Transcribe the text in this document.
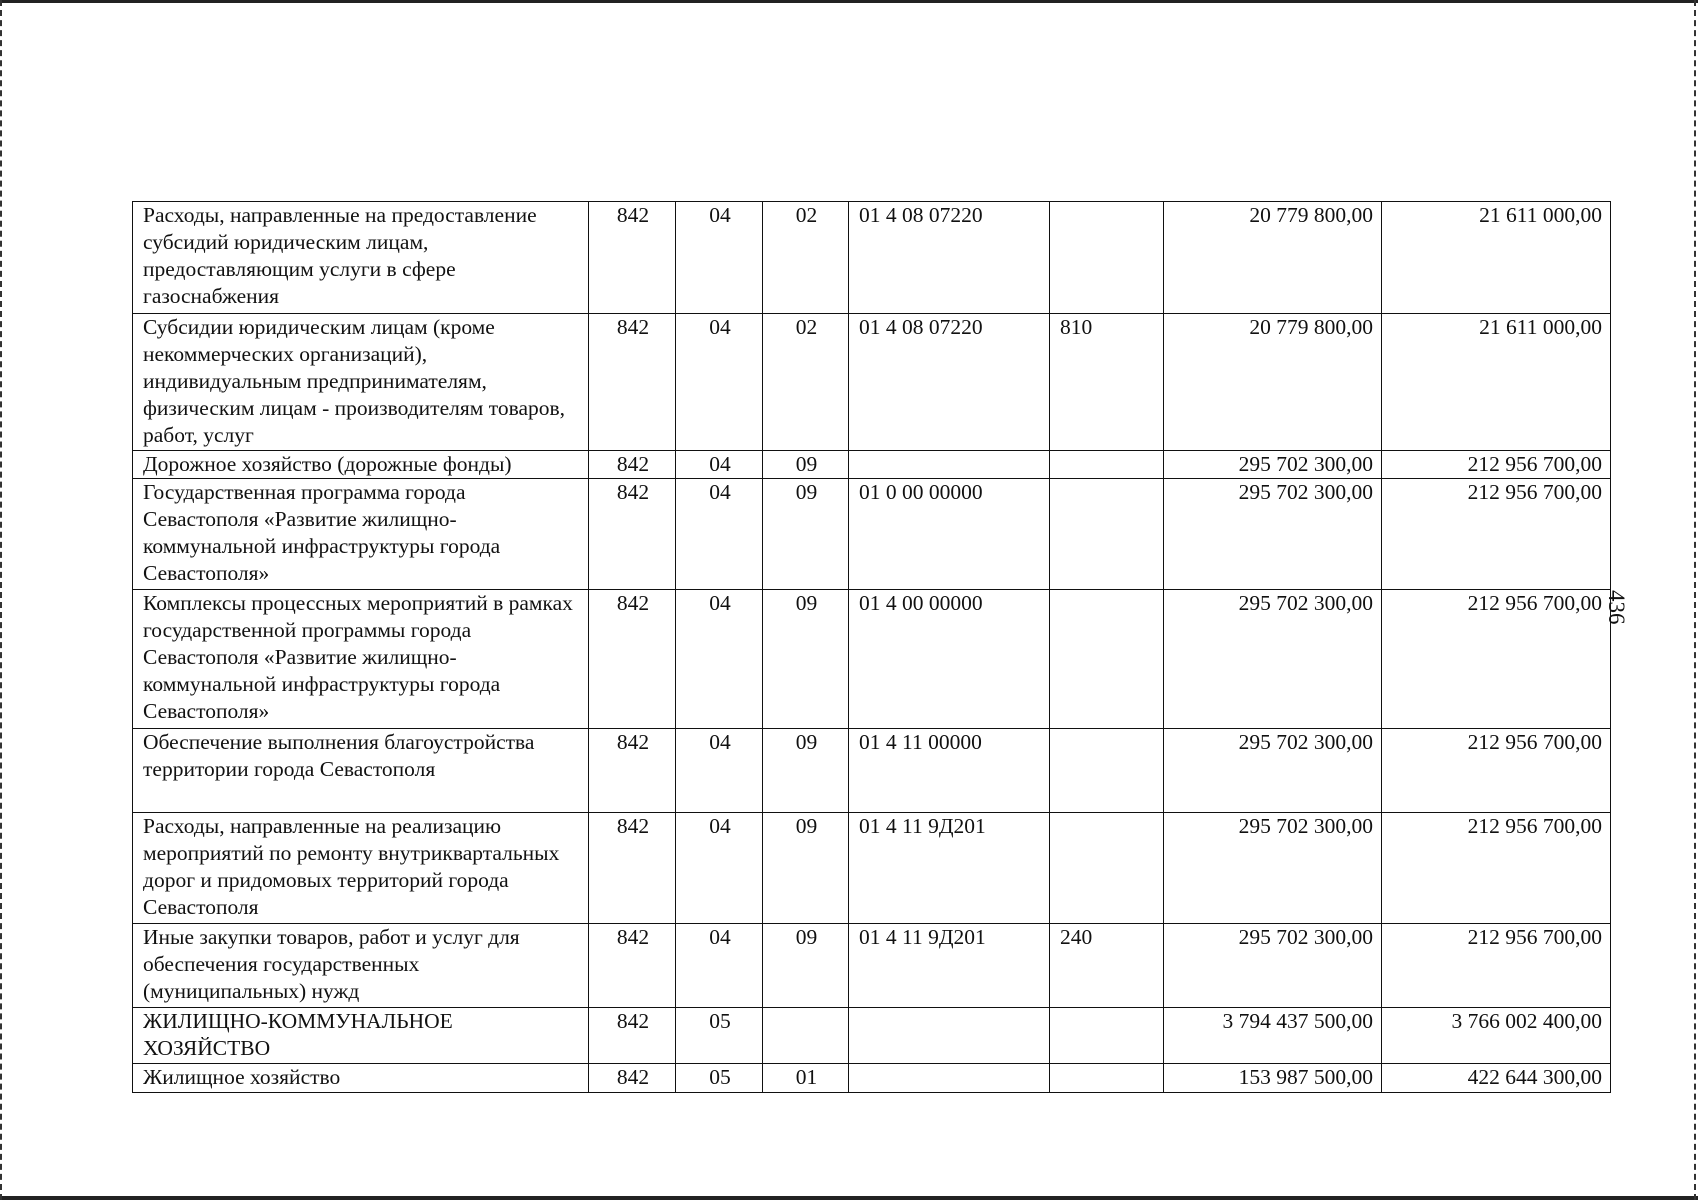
436
Расходы, направленные на предоставление субсидий юридическим лицам, предоставляющим услуги в сфере газоснабжения	842	04	02	01 4 08 07220		20 779 800,00	21 611 000,00
Субсидии юридическим лицам (кроме некоммерческих организаций), индивидуальным предпринимателям, физическим лицам - производителям товаров, работ, услуг	842	04	02	01 4 08 07220	810	20 779 800,00	21 611 000,00
Дорожное хозяйство (дорожные фонды)	842	04	09			295 702 300,00	212 956 700,00
Государственная программа города Севастополя «Развитие жилищно-коммунальной инфраструктуры города Севастополя»	842	04	09	01 0 00 00000		295 702 300,00	212 956 700,00
Комплексы процессных мероприятий в рамках государственной программы города Севастополя «Развитие жилищно-коммунальной инфраструктуры города Севастополя»	842	04	09	01 4 00 00000		295 702 300,00	212 956 700,00
Обеспечение выполнения благоустройства территории города Севастополя	842	04	09	01 4 11 00000		295 702 300,00	212 956 700,00
Расходы, направленные на реализацию мероприятий по ремонту внутриквартальных дорог и придомовых территорий города Севастополя	842	04	09	01 4 11 9Д201		295 702 300,00	212 956 700,00
Иные закупки товаров, работ и услуг для обеспечения государственных (муниципальных) нужд	842	04	09	01 4 11 9Д201	240	295 702 300,00	212 956 700,00
ЖИЛИЩНО-КОММУНАЛЬНОЕ ХОЗЯЙСТВО	842	05				3 794 437 500,00	3 766 002 400,00
Жилищное хозяйство	842	05	01			153 987 500,00	422 644 300,00
